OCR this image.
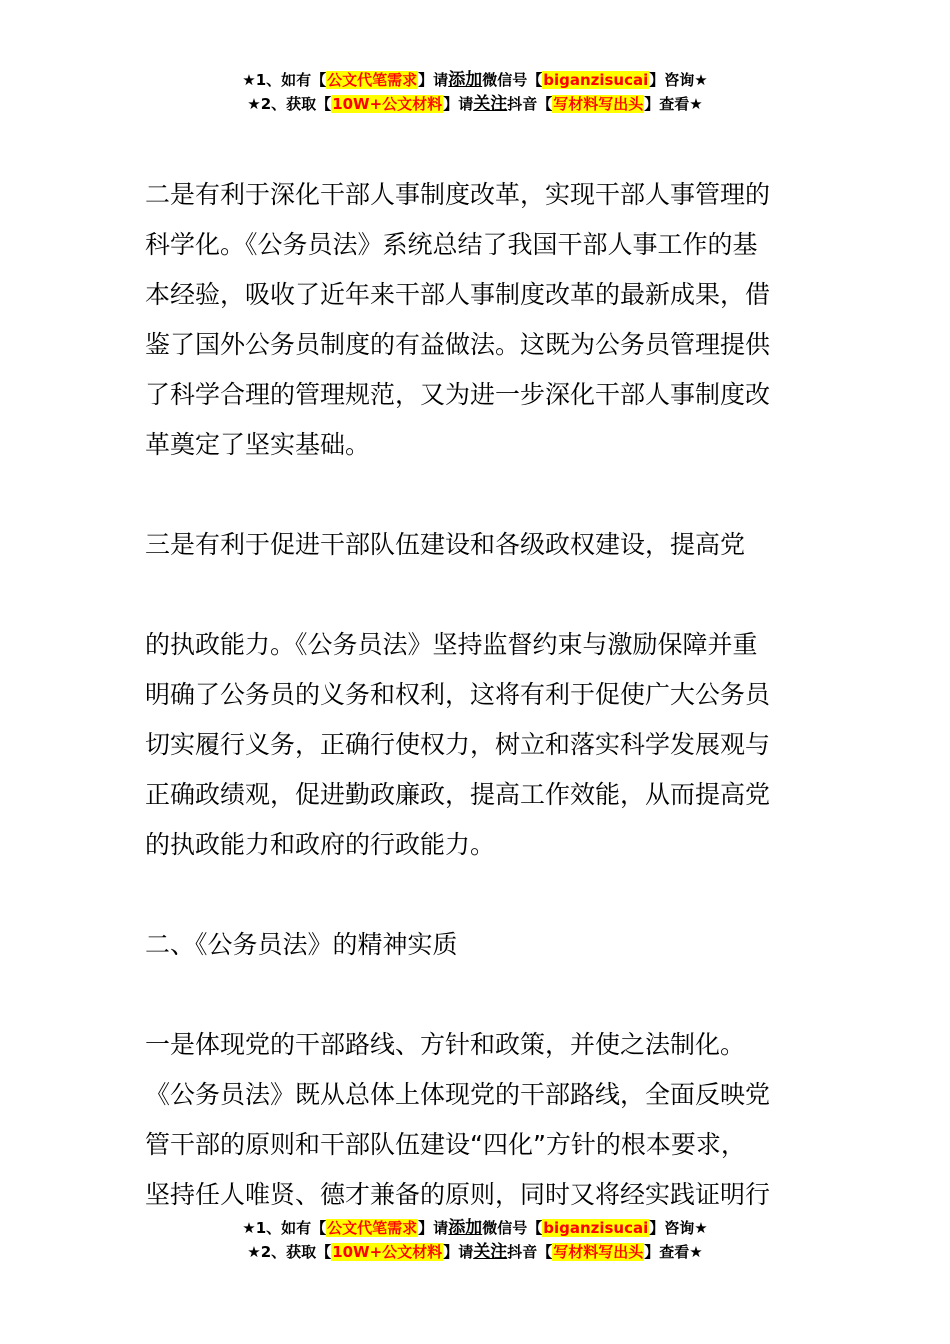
★1、如有【公文代笔需求】请添加微信号【biganzisucai】咨询★
★2、获取【10W+公文材料】请关注抖音【写材料写出头】查看★

二是有利于深化干部人事制度改革，实现干部人事管理的

科学化。《公务员法》系统总结了我国干部人事工作的基

本经验，吸收了近年来干部人事制度改革的最新成果，借

鉴了国外公务员制度的有益做法。这既为公务员管理提供

了科学合理的管理规范，又为进一步深化干部人事制度改

革奠定了坚实基础。

三是有利于促进干部队伍建设和各级政权建设，提高党

的执政能力。《公务员法》坚持监督约束与激励保障并重

明确了公务员的义务和权利，这将有利于促使广大公务员

切实履行义务，正确行使权力，树立和落实科学发展观与

正确政绩观，促进勤政廉政，提高工作效能，从而提高党

的执政能力和政府的行政能力。

二、《公务员法》的精神实质

一是体现党的干部路线、方针和政策，并使之法制化。

《公务员法》既从总体上体现党的干部路线，全面反映党

管干部的原则和干部队伍建设“四化”方针的根本要求，

坚持任人唯贤、德才兼备的原则，同时又将经实践证明行

★1、如有【公文代笔需求】请添加微信号【biganzisucai】咨询★
★2、获取【10W+公文材料】请关注抖音【写材料写出头】查看★
